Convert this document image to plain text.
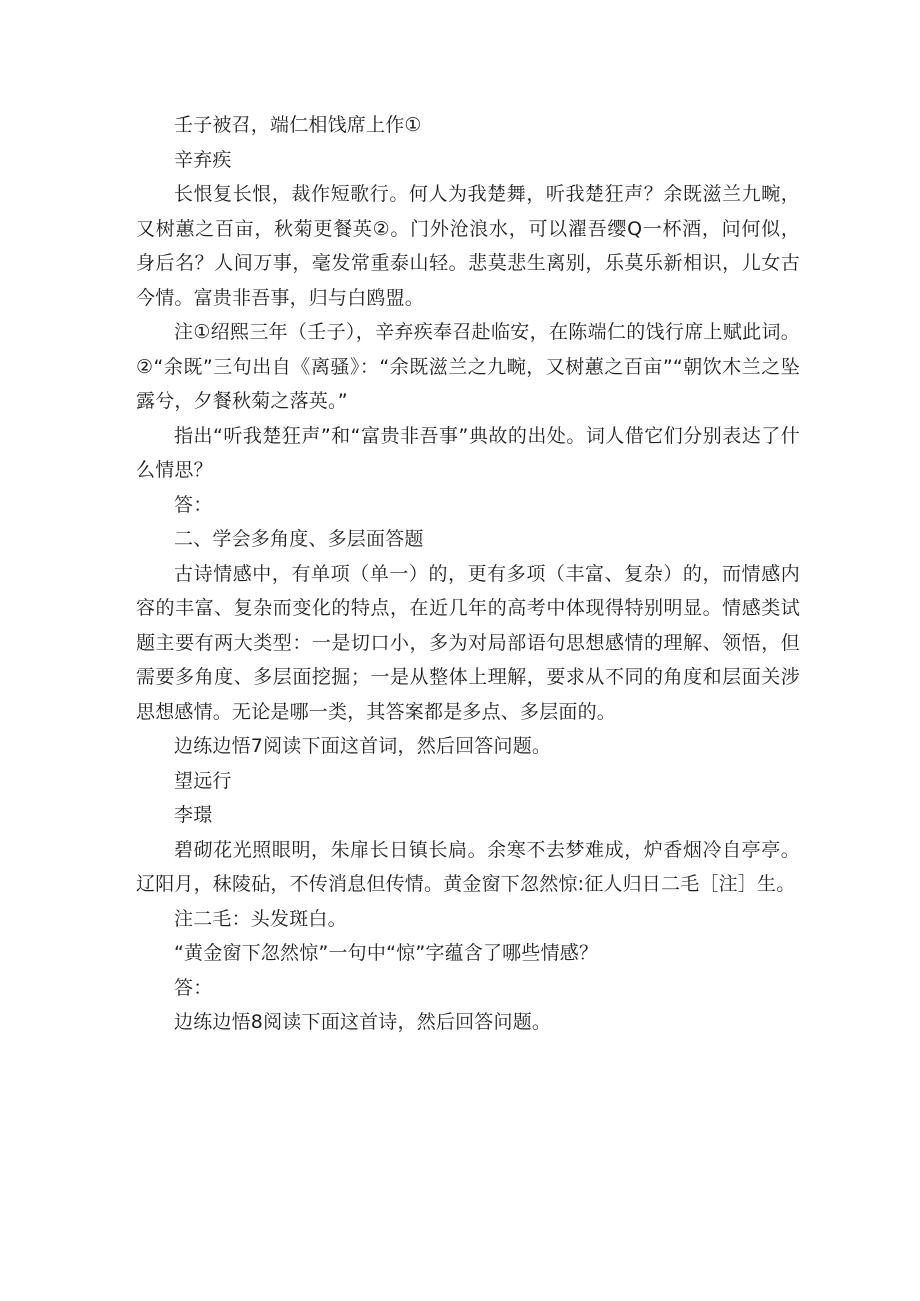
壬子被召，端仁相饯席上作①

辛弃疾

长恨复长恨，裁作短歌行。何人为我楚舞，听我楚狂声？余既滋兰九畹，又树蕙之百亩，秋菊更餐英②。门外沧浪水，可以濯吾缨Q一杯酒，问何似，身后名？人间万事，毫发常重泰山轻。悲莫悲生离别，乐莫乐新相识，儿女古今情。富贵非吾事，归与白鸥盟。

注①绍熙三年（壬子），辛弃疾奉召赴临安，在陈端仁的饯行席上赋此词。②“余既”三句出自《离骚》：“余既滋兰之九畹，又树蕙之百亩”“朝饮木兰之坠露兮，夕餐秋菊之落英。”

指出“听我楚狂声”和“富贵非吾事”典故的出处。词人借它们分别表达了什么情思？

答：

二、学会多角度、多层面答题

古诗情感中，有单项（单一）的，更有多项（丰富、复杂）的，而情感内容的丰富、复杂而变化的特点，在近几年的高考中体现得特别明显。情感类试题主要有两大类型：一是切口小，多为对局部语句思想感情的理解、领悟，但需要多角度、多层面挖掘；一是从整体上理解，要求从不同的角度和层面关涉思想感情。无论是哪一类，其答案都是多点、多层面的。

边练边悟7阅读下面这首词，然后回答问题。

望远行

李璟

碧砌花光照眼明，朱扉长日镇长扃。余寒不去梦难成，炉香烟冷自亭亭。辽阳月，秣陵砧，不传消息但传情。黄金窗下忽然惊:征人归日二毛［注］生。

注二毛：头发斑白。

“黄金窗下忽然惊”一句中“惊”字蕴含了哪些情感？

答：

边练边悟8阅读下面这首诗，然后回答问题。
